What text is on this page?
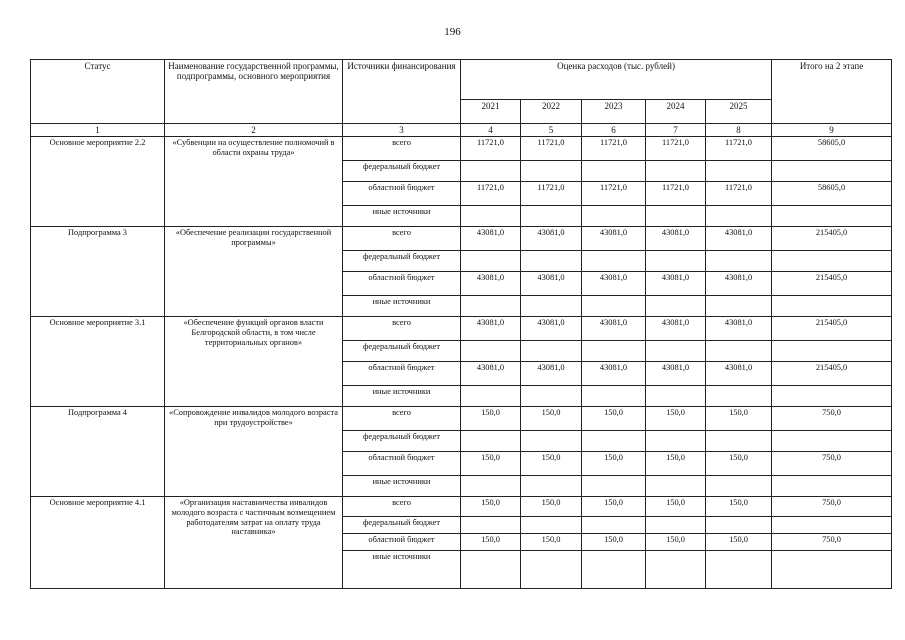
196
Статус	Наименование государственной программы, подпрограммы, основного мероприятия	Источники финансирования	Оценка расходов (тыс. рублей)					Итого на 2 этапе
			2021	2022	2023	2024	2025	
1	2	3	4	5	6	7	8	9
Основное мероприятие 2.2	«Субвенции на осуществление полномочий в области охраны труда»	всего	11721,0	11721,0	11721,0	11721,0	11721,0	58605,0
		федеральный бюджет						
		областной бюджет	11721,0	11721,0	11721,0	11721,0	11721,0	58605,0
		иные источники						
Подпрограмма 3	«Обеспечение реализации государственной программы»	всего	43081,0	43081,0	43081,0	43081,0	43081,0	215405,0
		федеральный бюджет						
		областной бюджет	43081,0	43081,0	43081,0	43081,0	43081,0	215405,0
		иные источники						
Основное мероприятие 3.1	«Обеспечение функций органов власти Белгородской области, в том числе территориальных органов»	всего	43081,0	43081,0	43081,0	43081,0	43081,0	215405,0
		федеральный бюджет						
		областной бюджет	43081,0	43081,0	43081,0	43081,0	43081,0	215405,0
		иные источники						
Подпрограмма 4	«Сопровождение инвалидов молодого возраста при трудоустройстве»	всего	150,0	150,0	150,0	150,0	150,0	750,0
		федеральный бюджет						
		областной бюджет	150,0	150,0	150,0	150,0	150,0	750,0
		иные источники						
Основное мероприятие 4.1	«Организация наставничества инвалидов молодого возраста с частичным возмещением работодателям затрат на оплату труда наставника»	всего	150,0	150,0	150,0	150,0	150,0	750,0
		федеральный бюджет						
		областной бюджет	150,0	150,0	150,0	150,0	150,0	750,0
		иные источники						
